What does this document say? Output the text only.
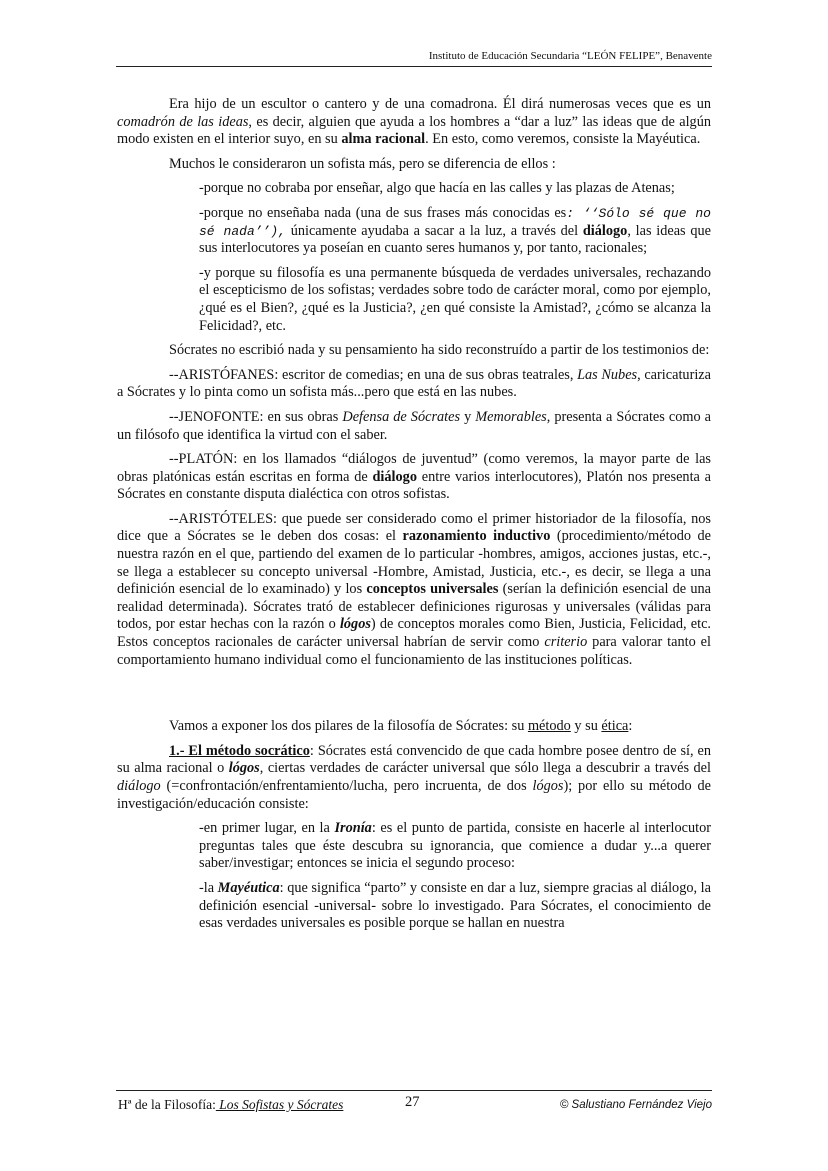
Instituto de Educación Secundaria “LEÓN FELIPE”, Benavente

Era hijo de un escultor o cantero y de una comadrona. Él dirá numerosas veces que es un comadrón de las ideas, es decir, alguien que ayuda a los hombres a “dar a luz” las ideas que de algún modo existen en el interior suyo, en su alma racional. En esto, como veremos, consiste la Mayéutica.

Muchos le consideraron un sofista más, pero se diferencia de ellos :

-porque no cobraba por enseñar, algo que hacía en las calles y las plazas de Atenas;

-porque no enseñaba nada (una de sus frases más conocidas es: ‘‘Sólo sé que no sé nada’’), únicamente ayudaba a sacar a la luz, a través del diálogo, las ideas que sus interlocutores ya poseían en cuanto seres humanos y, por tanto, racionales;

-y porque su filosofía es una permanente búsqueda de verdades universales, rechazando el escepticismo de los sofistas; verdades sobre todo de carácter moral, como por ejemplo, ¿qué es el Bien?, ¿qué es la Justicia?, ¿en qué consiste la Amistad?, ¿cómo se alcanza la Felicidad?, etc.

Sócrates no escribió nada y su pensamiento ha sido reconstruído a partir de los testimonios de:

--ARISTÓFANES: escritor de comedias; en una de sus obras teatrales, Las Nubes, caricaturiza a Sócrates y lo pinta como un sofista más...pero que está en las nubes.

--JENOFONTE: en sus obras Defensa de Sócrates y Memorables, presenta a Sócrates como a un filósofo que identifica la virtud con el saber.

--PLATÓN: en los llamados “diálogos de juventud” (como veremos, la mayor parte de las obras platónicas están escritas en forma de diálogo entre varios interlocutores), Platón nos presenta a Sócrates en constante disputa dialéctica con otros sofistas.

--ARISTÓTELES: que puede ser considerado como el primer historiador de la filosofía, nos dice que a Sócrates se le deben dos cosas: el razonamiento inductivo (procedimiento/método de nuestra razón en el que, partiendo del examen de lo particular -hombres, amigos, acciones justas, etc.-, se llega a establecer su concepto universal -Hombre, Amistad, Justicia, etc.-, es decir, se llega a una definición esencial de lo examinado) y los conceptos universales (serían la definición esencial de una realidad determinada). Sócrates trató de establecer definiciones rigurosas y universales (válidas para todos, por estar hechas con la razón o lógos) de conceptos morales como Bien, Justicia, Felicidad, etc. Estos conceptos racionales de carácter universal habrían de servir como criterio para valorar tanto el comportamiento humano individual como el funcionamiento de las instituciones políticas.

Vamos a exponer los dos pilares de la filosofía de Sócrates: su método y su ética:

1.- El método socrático: Sócrates está convencido de que cada hombre posee dentro de sí, en su alma racional o lógos, ciertas verdades de carácter universal que sólo llega a descubrir a través del diálogo (=confrontación/enfrentamiento/lucha, pero incruenta, de dos lógos); por ello su método de investigación/educación consiste:

-en primer lugar, en la Ironía: es el punto de partida, consiste en hacerle al interlocutor preguntas tales que éste descubra su ignorancia, que comience a dudar y...a querer saber/investigar; entonces se inicia el segundo proceso:

-la Mayéutica: que significa “parto” y consiste en dar a luz, siempre gracias al diálogo, la definición esencial -universal- sobre lo investigado. Para Sócrates, el conocimiento de esas verdades universales es posible porque se hallan en nuestra

Hª de la Filosofía: Los Sofistas y Sócrates	27	© Salustiano Fernández Viejo
